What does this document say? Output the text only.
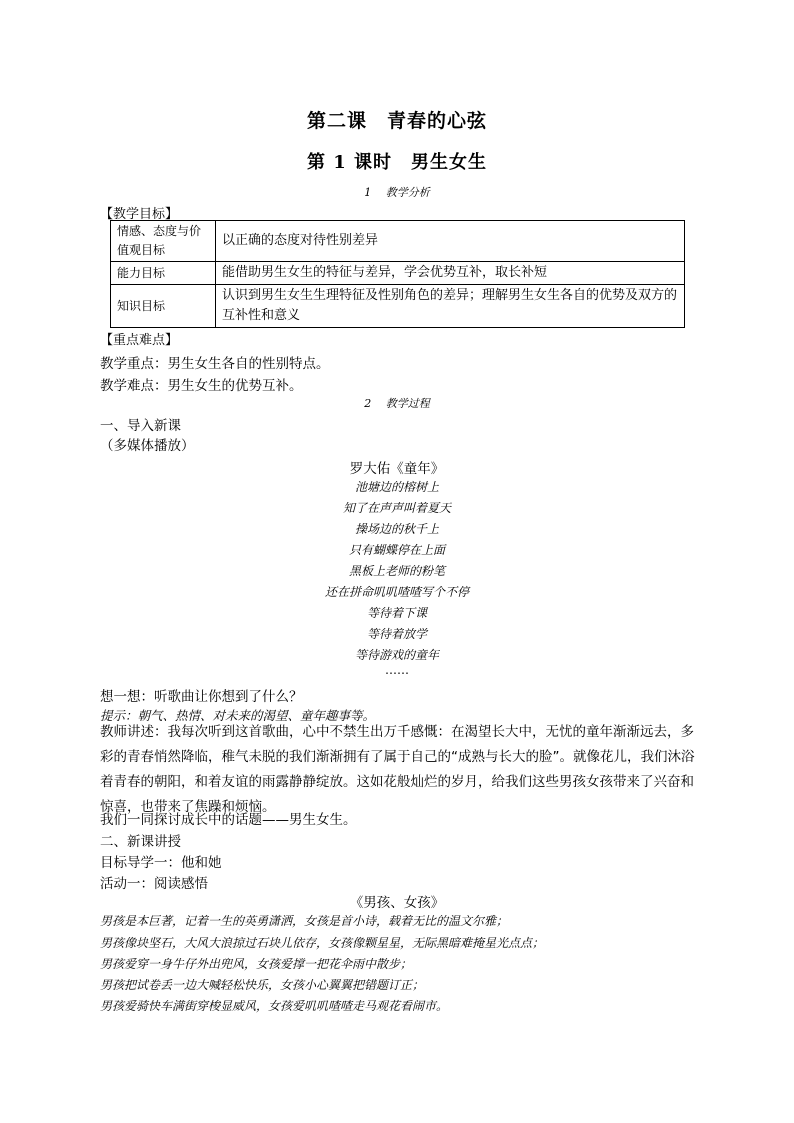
第二课　青春的心弦
第 1 课时　男生女生
1　 教学分析
【教学目标】
情感、态度与价值观目标	以正确的态度对待性别差异
能力目标	能借助男生女生的特征与差异，学会优势互补，取长补短
知识目标	认识到男生女生生理特征及性别角色的差异；理解男生女生各自的优势及双方的互补性和意义
【重点难点】
教学重点：男生女生各自的性别特点。
教学难点：男生女生的优势互补。
2　 教学过程
一、导入新课
（多媒体播放）
罗大佑《童年》
池塘边的榕树上
知了在声声叫着夏天
操场边的秋千上
只有蝴蝶停在上面
黑板上老师的粉笔
还在拼命叽叽喳喳写个不停
等待着下课
等待着放学
等待游戏的童年
……
想一想：听歌曲让你想到了什么？
提示：朝气、热情、对未来的渴望、童年趣事等。
教师讲述：我每次听到这首歌曲，心中不禁生出万千感慨：在渴望长大中，无忧的童年渐渐远去，多彩的青春悄然降临，稚气未脱的我们渐渐拥有了属于自己的“成熟与长大的脸”。就像花儿，我们沐浴着青春的朝阳，和着友谊的雨露静静绽放。这如花般灿烂的岁月，给我们这些男孩女孩带来了兴奋和惊喜，也带来了焦躁和烦恼。
我们一同探讨成长中的话题——男生女生。
二、新课讲授
目标导学一：他和她
活动一：阅读感悟
《男孩、女孩》
男孩是本巨著，记着一生的英勇潇洒，女孩是首小诗，载着无比的温文尔雅；
男孩像块坚石，大风大浪掠过石块儿依存，女孩像颗星星，无际黑暗难掩星光点点；
男孩爱穿一身牛仔外出兜风，女孩爱撑一把花伞雨中散步；
男孩把试卷丢一边大喊轻松快乐，女孩小心翼翼把错题订正；
男孩爱骑快车满街穿梭显威风，女孩爱叽叽喳喳走马观花看闹市。
